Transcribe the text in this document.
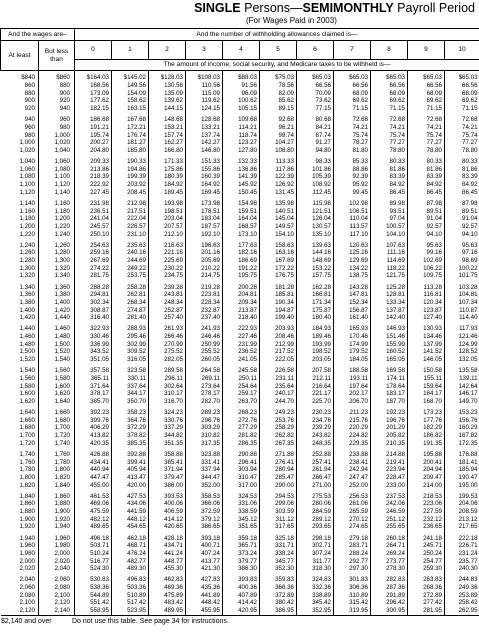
SINGLE Persons—SEMIMONTHLY Payroll Period
(For Wages Paid in 2003)
And the wages are–		And the number of withholding allowances claimed is—										
At least	But less than	0	1	2	3	4	5	6	7	8	9	10
		The amount of income, social security, and Medicare taxes to be withheld is—										

$840	$860	$164.03	$145.02	$128.03	$108.03	$88.03	$75.03	$65.03	$65.03	$65.03	$65.03	$65.03
860	880	168.56	149.56	130.56	110.56	91.56	78.56	66.56	66.56	66.56	66.56	66.56
880	900	173.09	154.09	135.09	115.09	96.09	82.09	70.09	68.09	68.09	68.09	68.09
900	920	177.62	158.62	139.62	119.62	100.62	85.62	73.62	69.62	69.62	69.62	69.62
920	940	182.15	163.15	144.15	124.15	105.15	89.15	77.15	71.15	71.15	71.15	71.15

940	960	186.68	167.68	148.68	128.68	109.68	92.68	80.68	72.68	72.68	72.68	72.68
960	980	191.21	172.21	153.21	133.21	114.21	96.21	84.21	74.21	74.21	74.21	74.21
980	1,000	195.74	176.74	157.74	137.74	118.74	99.74	87.74	75.74	75.74	75.74	75.74
1,000	1,020	200.27	181.27	162.27	142.27	123.27	104.27	91.27	78.27	77.27	77.27	77.27
1,020	1,040	204.80	185.80	166.80	146.80	127.80	108.80	94.80	81.80	78.80	78.80	78.80

1,040	1,060	209.33	190.33	171.33	151.33	132.33	113.33	98.33	85.33	80.33	80.33	80.33
1,060	1,080	213.86	194.86	175.86	155.86	136.86	117.86	101.86	88.86	81.86	81.86	81.86
1,080	1,100	218.39	199.39	180.39	160.39	141.39	122.39	105.39	92.39	83.39	83.39	83.39
1,100	1,120	222.92	203.92	184.92	164.92	145.92	126.92	108.92	95.92	84.92	84.92	84.92
1,120	1,140	227.45	208.45	189.45	169.45	150.45	131.45	112.45	99.45	86.45	86.45	86.45

1,140	1,160	231.98	212.98	193.98	173.98	154.98	135.98	115.98	102.98	89.98	87.98	87.98
1,160	1,180	236.51	217.51	198.51	178.51	159.51	140.51	121.51	106.51	93.51	89.51	89.51
1,180	1,200	241.04	222.04	203.04	183.04	164.04	145.04	126.04	110.04	97.04	91.04	91.04
1,200	1,220	245.57	226.57	207.57	187.57	168.57	149.57	130.57	113.57	100.57	92.57	92.57
1,220	1,240	250.10	231.10	212.10	192.10	173.10	154.10	135.10	117.10	104.10	94.10	94.10

1,240	1,260	254.63	235.63	216.63	196.63	177.63	158.63	139.63	120.63	107.63	95.63	95.63
1,260	1,280	259.16	240.16	221.16	201.16	182.16	163.16	144.16	125.16	111.16	99.16	97.16
1,280	1,300	267.69	244.69	225.69	205.69	186.69	167.69	148.69	129.69	114.69	102.69	98.69
1,300	1,320	274.22	249.22	230.22	210.22	191.22	172.22	153.22	134.22	118.22	106.22	100.22
1,320	1,340	281.75	253.75	234.75	214.75	195.75	176.75	157.75	138.75	121.75	109.75	101.75

1,340	1,360	288.28	258.28	239.28	219.28	200.28	181.28	162.28	143.28	125.28	113.28	103.28
1,360	1,380	294.81	262.81	243.81	223.81	204.81	185.81	166.81	147.81	128.81	116.81	104.81
1,380	1,400	302.34	268.34	248.34	228.34	209.34	190.34	171.34	152.34	133.34	120.34	107.34
1,400	1,420	308.87	274.87	252.87	232.87	213.87	194.87	175.87	156.87	137.87	123.87	110.87
1,420	1,440	316.40	281.40	257.40	237.40	218.40	199.40	180.40	161.40	142.40	127.40	114.40

1,440	1,460	322.93	288.93	261.93	241.93	222.93	203.93	184.93	165.93	146.93	130.93	117.93
1,460	1,480	330.46	295.46	266.46	246.46	227.46	208.46	189.46	170.46	151.46	134.46	121.46
1,480	1,500	336.99	302.99	270.99	250.99	231.99	212.99	193.99	174.99	155.99	137.99	124.99
1,500	1,520	343.52	309.52	275.52	255.52	236.52	217.52	198.52	179.52	160.52	141.52	128.52
1,520	1,540	351.05	316.05	282.05	260.05	241.05	222.05	203.05	184.05	165.05	146.05	132.05

1,540	1,560	357.58	323.58	289.58	264.58	245.58	226.58	207.58	188.58	169.58	150.58	135.58
1,560	1,580	365.11	330.11	296.11	269.11	250.11	231.11	212.11	193.11	174.11	155.11	139.11
1,580	1,600	371.64	337.64	302.64	273.64	254.64	235.64	216.64	197.64	178.64	159.64	142.64
1,600	1,620	378.17	344.17	310.17	278.17	259.17	240.17	221.17	202.17	183.17	164.17	146.17
1,620	1,640	385.70	350.70	316.70	282.70	263.70	244.70	225.70	206.70	187.70	168.70	149.70

1,640	1,660	392.23	358.23	324.23	289.23	268.23	249.23	230.23	211.23	192.23	173.23	153.23
1,660	1,680	399.76	364.76	330.76	296.76	272.76	253.76	234.76	215.76	196.76	177.76	156.76
1,680	1,700	406.29	372.29	337.29	303.29	277.29	258.29	239.29	220.29	201.29	182.29	160.29
1,700	1,720	413.82	378.82	344.82	310.82	281.82	262.82	243.82	224.82	205.82	186.82	167.82
1,720	1,740	420.35	385.35	351.35	317.35	286.35	267.35	248.35	229.35	210.35	191.35	172.35

1,740	1,760	426.88	392.88	358.88	323.88	290.88	271.88	252.88	233.88	214.88	195.88	176.88
1,760	1,780	434.41	399.41	365.41	331.41	296.41	276.41	257.41	238.41	219.41	200.41	181.41
1,780	1,800	440.94	405.94	371.94	337.94	303.94	280.94	261.94	242.94	223.94	204.94	185.94
1,800	1,820	447.47	413.47	379.47	344.47	310.47	285.47	266.47	247.47	228.47	209.47	190.47
1,820	1,840	455.00	420.00	386.00	352.00	317.00	290.00	271.00	252.00	233.00	214.00	195.00

1,840	1,860	461.53	427.53	393.53	358.53	324.53	294.53	275.53	256.53	237.53	218.53	199.53
1,860	1,880	469.06	434.06	400.06	366.06	331.06	299.06	280.06	261.06	242.06	223.06	204.06
1,880	1,900	475.59	441.59	406.59	372.59	338.59	303.59	284.59	265.59	246.59	227.59	208.59
1,900	1,920	482.12	448.12	414.12	379.12	345.12	311.12	289.12	270.12	251.12	232.12	213.12
1,920	1,940	489.65	454.65	420.65	386.65	351.65	317.65	293.65	274.65	255.65	236.65	217.65

1,940	1,960	496.18	462.18	428.18	393.18	359.18	325.18	298.18	279.18	260.18	241.18	222.18
1,960	1,980	503.71	468.71	434.71	400.71	365.71	331.71	302.71	283.71	264.71	245.71	226.71
1,980	2,000	510.24	476.24	441.24	407.24	373.24	338.24	307.24	288.24	269.24	250.24	231.24
2,000	2,020	516.77	482.77	448.77	413.77	379.77	345.77	311.77	292.77	273.77	254.77	235.77
2,020	2,040	524.30	489.30	455.30	421.30	386.30	352.30	318.30	297.30	278.30	259.30	240.30

2,040	2,060	530.83	496.83	462.83	427.83	393.83	359.83	324.83	301.83	282.83	263.83	244.83
2,060	2,080	538.36	503.36	469.36	435.36	400.36	366.36	332.36	306.36	287.36	268.36	249.36
2,080	2,100	544.89	510.89	475.89	441.89	407.89	372.89	338.89	310.89	291.89	272.89	253.89
2,100	2,120	551.42	517.42	483.42	448.42	414.42	380.42	345.42	315.42	296.42	277.42	258.42
2,120	2,140	558.95	523.95	489.95	455.95	420.95	386.95	352.95	319.95	300.95	281.95	262.95
$2,140 and over	Do not use this table. See page 34 for instructions.
